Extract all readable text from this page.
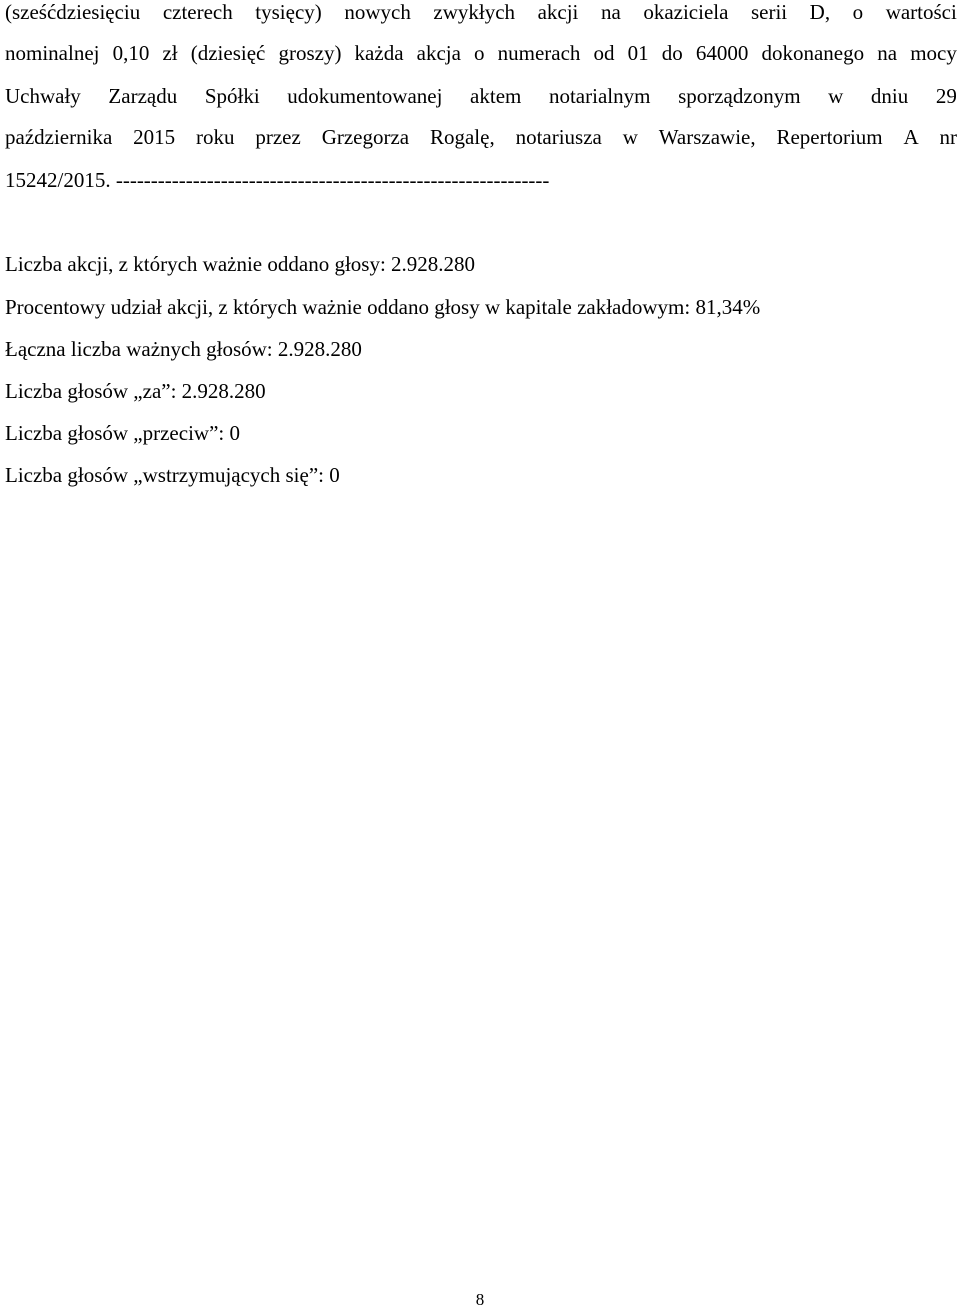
(sześćdziesięciu czterech tysięcy) nowych zwykłych akcji na okaziciela serii D, o wartości
nominalnej 0,10 zł (dziesięć groszy) każda akcja o numerach od 01 do 64000 dokonanego na mocy
Uchwały Zarządu Spółki udokumentowanej aktem notarialnym sporządzonym w dniu 29
października 2015 roku przez Grzegorza Rogalę, notariusza w Warszawie, Repertorium A nr
15242/2015. --------------------------------------------------------------
Liczba akcji, z których ważnie oddano głosy: 2.928.280
Procentowy udział akcji, z których ważnie oddano głosy w kapitale zakładowym: 81,34%
Łączna liczba ważnych głosów: 2.928.280
Liczba głosów „za”: 2.928.280
Liczba głosów „przeciw”: 0
Liczba głosów „wstrzymujących się”: 0
8
